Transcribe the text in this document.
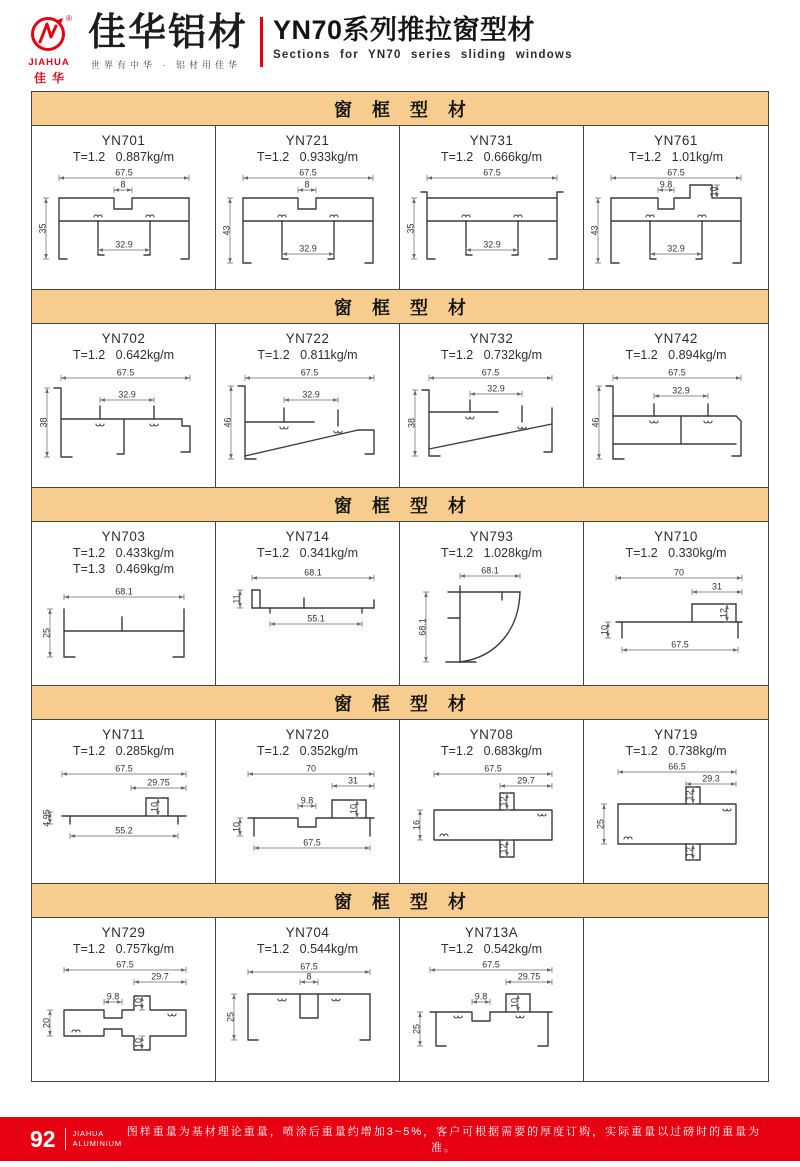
®
JIAHUA
佳华
佳华铝材
世界有中华 · 铝材用佳华
YN70系列推拉窗型材
Sections for YN70 series sliding windows
窗框型材
YN701
T=1.2   0.887kg/m
67.5
8
35
32.9
YN721
T=1.2   0.933kg/m
67.5
8
43
32.9
YN731
T=1.2   0.666kg/m
67.5
35
32.9
YN761
T=1.2   1.01kg/m
67.5
9.8
10
43
32.9
窗框型材
YN702
T=1.2   0.642kg/m
67.5
32.9
38
YN722
T=1.2   0.811kg/m
67.5
32.9
46
YN732
T=1.2   0.732kg/m
67.5
32.9
38
YN742
T=1.2   0.894kg/m
67.5
32.9
46
窗框型材
YN703
T=1.2   0.433kg/m
T=1.3   0.469kg/m
68.1
25
YN714
T=1.2   0.341kg/m
68.1
11
55.1
YN793
T=1.2   1.028kg/m
68.1
68.1
YN710
T=1.2   0.330kg/m
70
31
12
10
67.5
窗框型材
YN711
T=1.2   0.285kg/m
67.5
29.75
10
4.95
55.2
YN720
T=1.2   0.352kg/m
70
31
9.8
10
10
67.5
YN708
T=1.2   0.683kg/m
67.5
29.7
12
12
16
YN719
T=1.2   0.738kg/m
66.5
29.3
12
12
25
窗框型材
YN729
T=1.2   0.757kg/m
67.5
29.7
9.8
10
20
10
YN704
T=1.2   0.544kg/m
67.5
8
25
YN713A
T=1.2   0.542kg/m
67.5
29.75
9.8
10
25
92 JIAHUA
ALUMINIUM
图样重量为基材理论重量，喷涂后重量约增加3~5%，客户可根据需要的厚度订购，实际重量以过磅时的重量为准。
